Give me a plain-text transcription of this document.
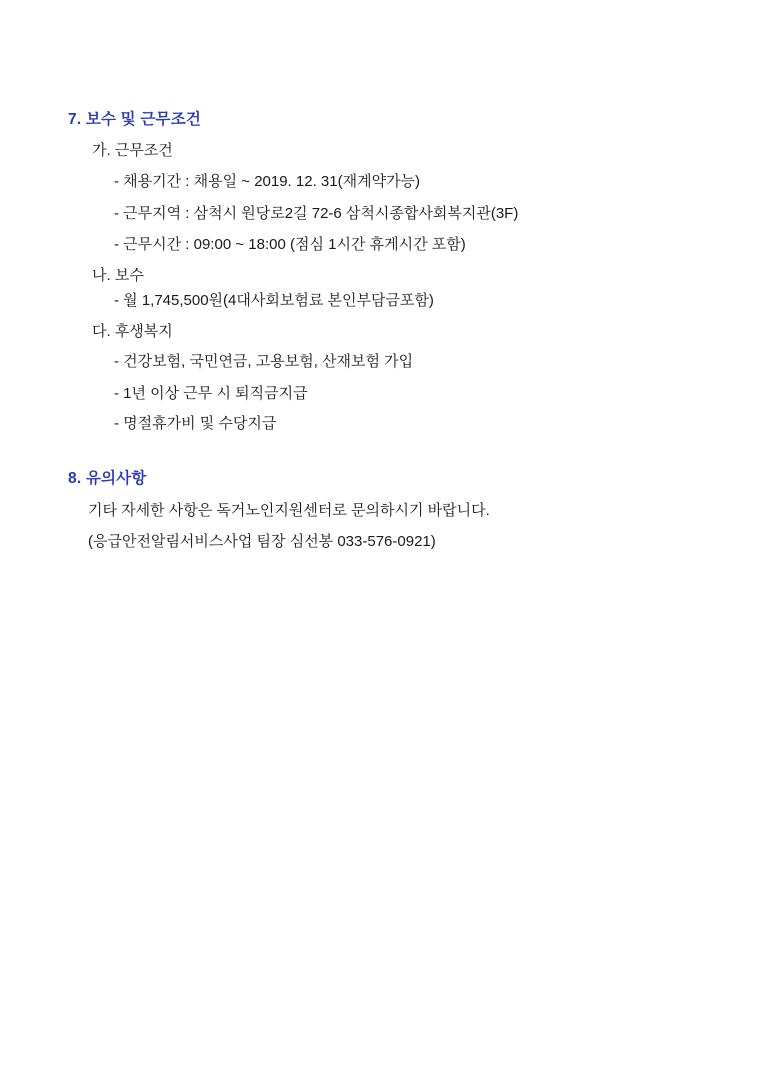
7. 보수 및 근무조건
가. 근무조건
- 채용기간 : 채용일 ~ 2019. 12. 31(재계약가능)
- 근무지역 : 삼척시 원당로2길 72-6 삼척시종합사회복지관(3F)
- 근무시간 : 09:00 ~ 18:00 (점심 1시간 휴게시간 포함)
나. 보수
- 월 1,745,500원(4대사회보험료 본인부담금포함)
다. 후생복지
- 건강보험, 국민연금, 고용보험, 산재보험 가입
- 1년 이상 근무 시 퇴직금지급
- 명절휴가비 및 수당지급
8. 유의사항
기타 자세한 사항은 독거노인지원센터로 문의하시기 바랍니다.
(응급안전알림서비스사업 팀장 심선봉 033-576-0921)
